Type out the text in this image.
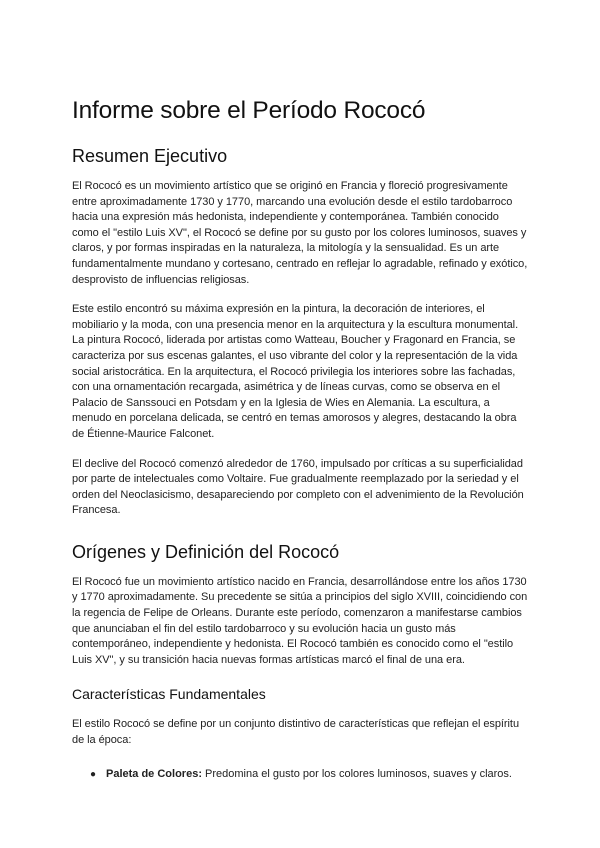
Informe sobre el Período Rococó
Resumen Ejecutivo

El Rococó es un movimiento artístico que se originó en Francia y floreció progresivamente entre aproximadamente 1730 y 1770, marcando una evolución desde el estilo tardobarroco hacia una expresión más hedonista, independiente y contemporánea. También conocido como el "estilo Luis XV", el Rococó se define por su gusto por los colores luminosos, suaves y claros, y por formas inspiradas en la naturaleza, la mitología y la sensualidad. Es un arte fundamentalmente mundano y cortesano, centrado en reflejar lo agradable, refinado y exótico, desprovisto de influencias religiosas.

Este estilo encontró su máxima expresión en la pintura, la decoración de interiores, el mobiliario y la moda, con una presencia menor en la arquitectura y la escultura monumental. La pintura Rococó, liderada por artistas como Watteau, Boucher y Fragonard en Francia, se caracteriza por sus escenas galantes, el uso vibrante del color y la representación de la vida social aristocrática. En la arquitectura, el Rococó privilegia los interiores sobre las fachadas, con una ornamentación recargada, asimétrica y de líneas curvas, como se observa en el Palacio de Sanssouci en Potsdam y en la Iglesia de Wies en Alemania. La escultura, a menudo en porcelana delicada, se centró en temas amorosos y alegres, destacando la obra de Étienne-Maurice Falconet.

El declive del Rococó comenzó alrededor de 1760, impulsado por críticas a su superficialidad por parte de intelectuales como Voltaire. Fue gradualmente reemplazado por la seriedad y el orden del Neoclasicismo, desapareciendo por completo con el advenimiento de la Revolución Francesa.

Orígenes y Definición del Rococó

El Rococó fue un movimiento artístico nacido en Francia, desarrollándose entre los años 1730 y 1770 aproximadamente. Su precedente se sitúa a principios del siglo XVIII, coincidiendo con la regencia de Felipe de Orleans. Durante este período, comenzaron a manifestarse cambios que anunciaban el fin del estilo tardobarroco y su evolución hacia un gusto más contemporáneo, independiente y hedonista. El Rococó también es conocido como el "estilo Luis XV", y su transición hacia nuevas formas artísticas marcó el final de una era.

Características Fundamentales

El estilo Rococó se define por un conjunto distintivo de características que reflejan el espíritu de la época:

● Paleta de Colores: Predomina el gusto por los colores luminosos, suaves y claros.
